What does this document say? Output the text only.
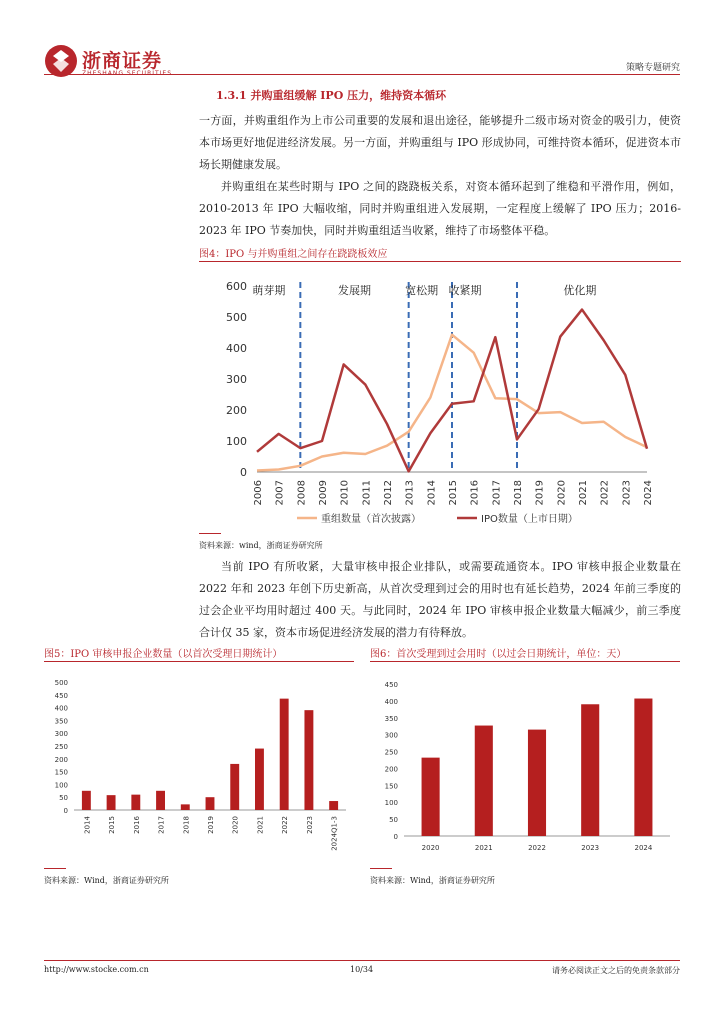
浙商证券	策略专题研究
1.3.1 并购重组缓解 IPO 压力，维持资本循环

一方面，并购重组作为上市公司重要的发展和退出途径，能够提升二级市场对资金的吸引力，使资本市场更好地促进经济发展。另一方面，并购重组与 IPO 形成协同，可维持资本循环，促进资本市场长期健康发展。

并购重组在某些时期与 IPO 之间的跷跷板关系，对资本循环起到了维稳和平滑作用，例如，2010-2013 年 IPO 大幅收缩，同时并购重组进入发展期，一定程度上缓解了 IPO 压力；2016-2023 年 IPO 节奏加快，同时并购重组适当收紧，维持了市场整体平稳。

图4：IPO 与并购重组之间存在跷跷板效应
0
100
200
300
400
500
600
2006 2007 2008 2009 2010 2011 2012 2013 2014 2015 2016 2017 2018 2019 2020 2021 2022 2023 2024
萌芽期	发展期	宽松期 收紧期	优化期
重组数量（首次披露）	IPO数量（上市日期）
资料来源：wind，浙商证券研究所

当前 IPO 有所收紧，大量审核申报企业排队，或需要疏通资本。IPO 审核申报企业数量在 2022 年和 2023 年创下历史新高，从首次受理到过会的用时也有延长趋势，2024 年前三季度的过会企业平均用时超过 400 天。与此同时，2024 年 IPO 审核申报企业数量大幅减少，前三季度合计仅 35 家，资本市场促进经济发展的潜力有待释放。

图5：IPO 审核申报企业数量（以首次受理日期统计）
0
50
100
150
200
250
300
350
400
450
500
2014 2015 2016 2017 2018 2019 2020 2021 2022 2023 2024Q1-3
资料来源：Wind，浙商证券研究所
图6：首次受理到过会用时（以过会日期统计，单位：天）
0
50
100
150
200
250
300
350
400
450
2020	2021	2022	2023	2024
资料来源：Wind，浙商证券研究所
http://www.stocke.com.cn	10/34	请务必阅读正文之后的免责条款部分
